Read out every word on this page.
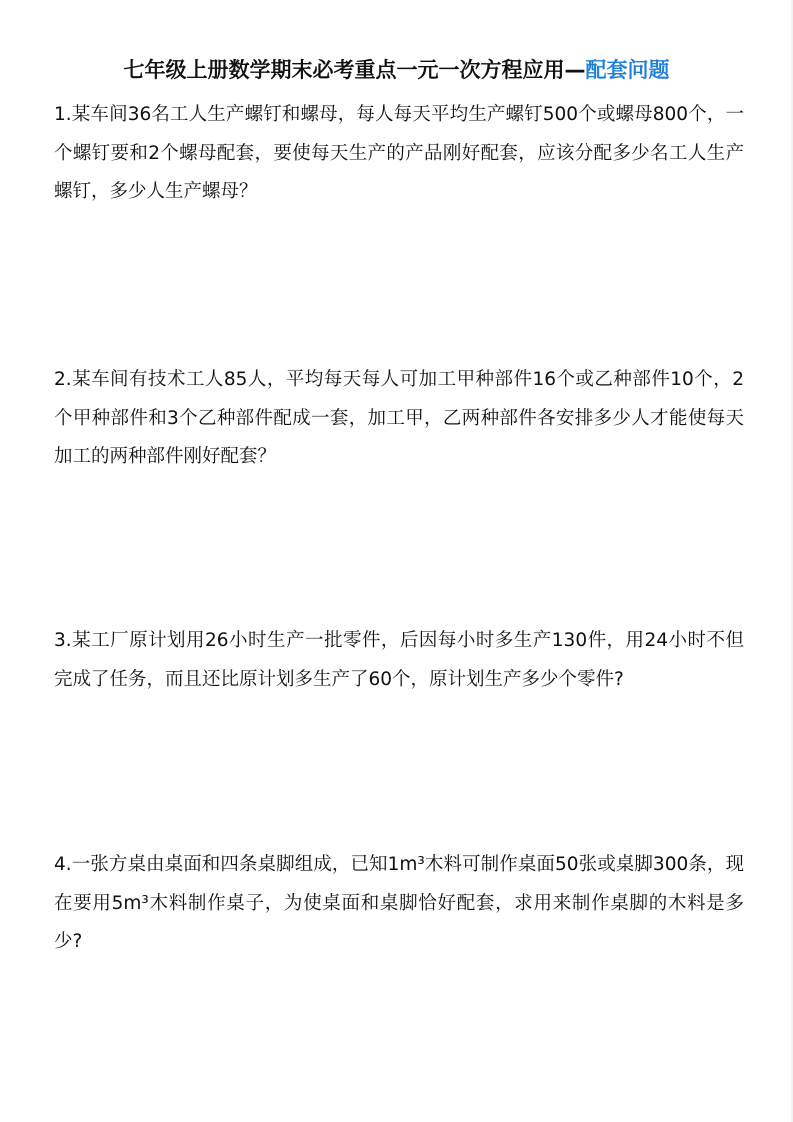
七年级上册数学期末必考重点一元一次方程应用—配套问题
1.某车间36名工人生产螺钉和螺母，每人每天平均生产螺钉500个或螺母800个，一个螺钉要和2个螺母配套，要使每天生产的产品刚好配套，应该分配多少名工人生产螺钉，多少人生产螺母？
2.某车间有技术工人85人，平均每天每人可加工甲种部件16个或乙种部件10个，2个甲种部件和3个乙种部件配成一套，加工甲，乙两种部件各安排多少人才能使每天加工的两种部件刚好配套？
3.某工厂原计划用26小时生产一批零件，后因每小时多生产130件，用24小时不但完成了任务，而且还比原计划多生产了60个，原计划生产多少个零件?
4.一张方桌由桌面和四条桌脚组成，已知1m³木料可制作桌面50张或桌脚300条，现在要用5m³木料制作桌子，为使桌面和桌脚恰好配套，求用来制作桌脚的木料是多少?
